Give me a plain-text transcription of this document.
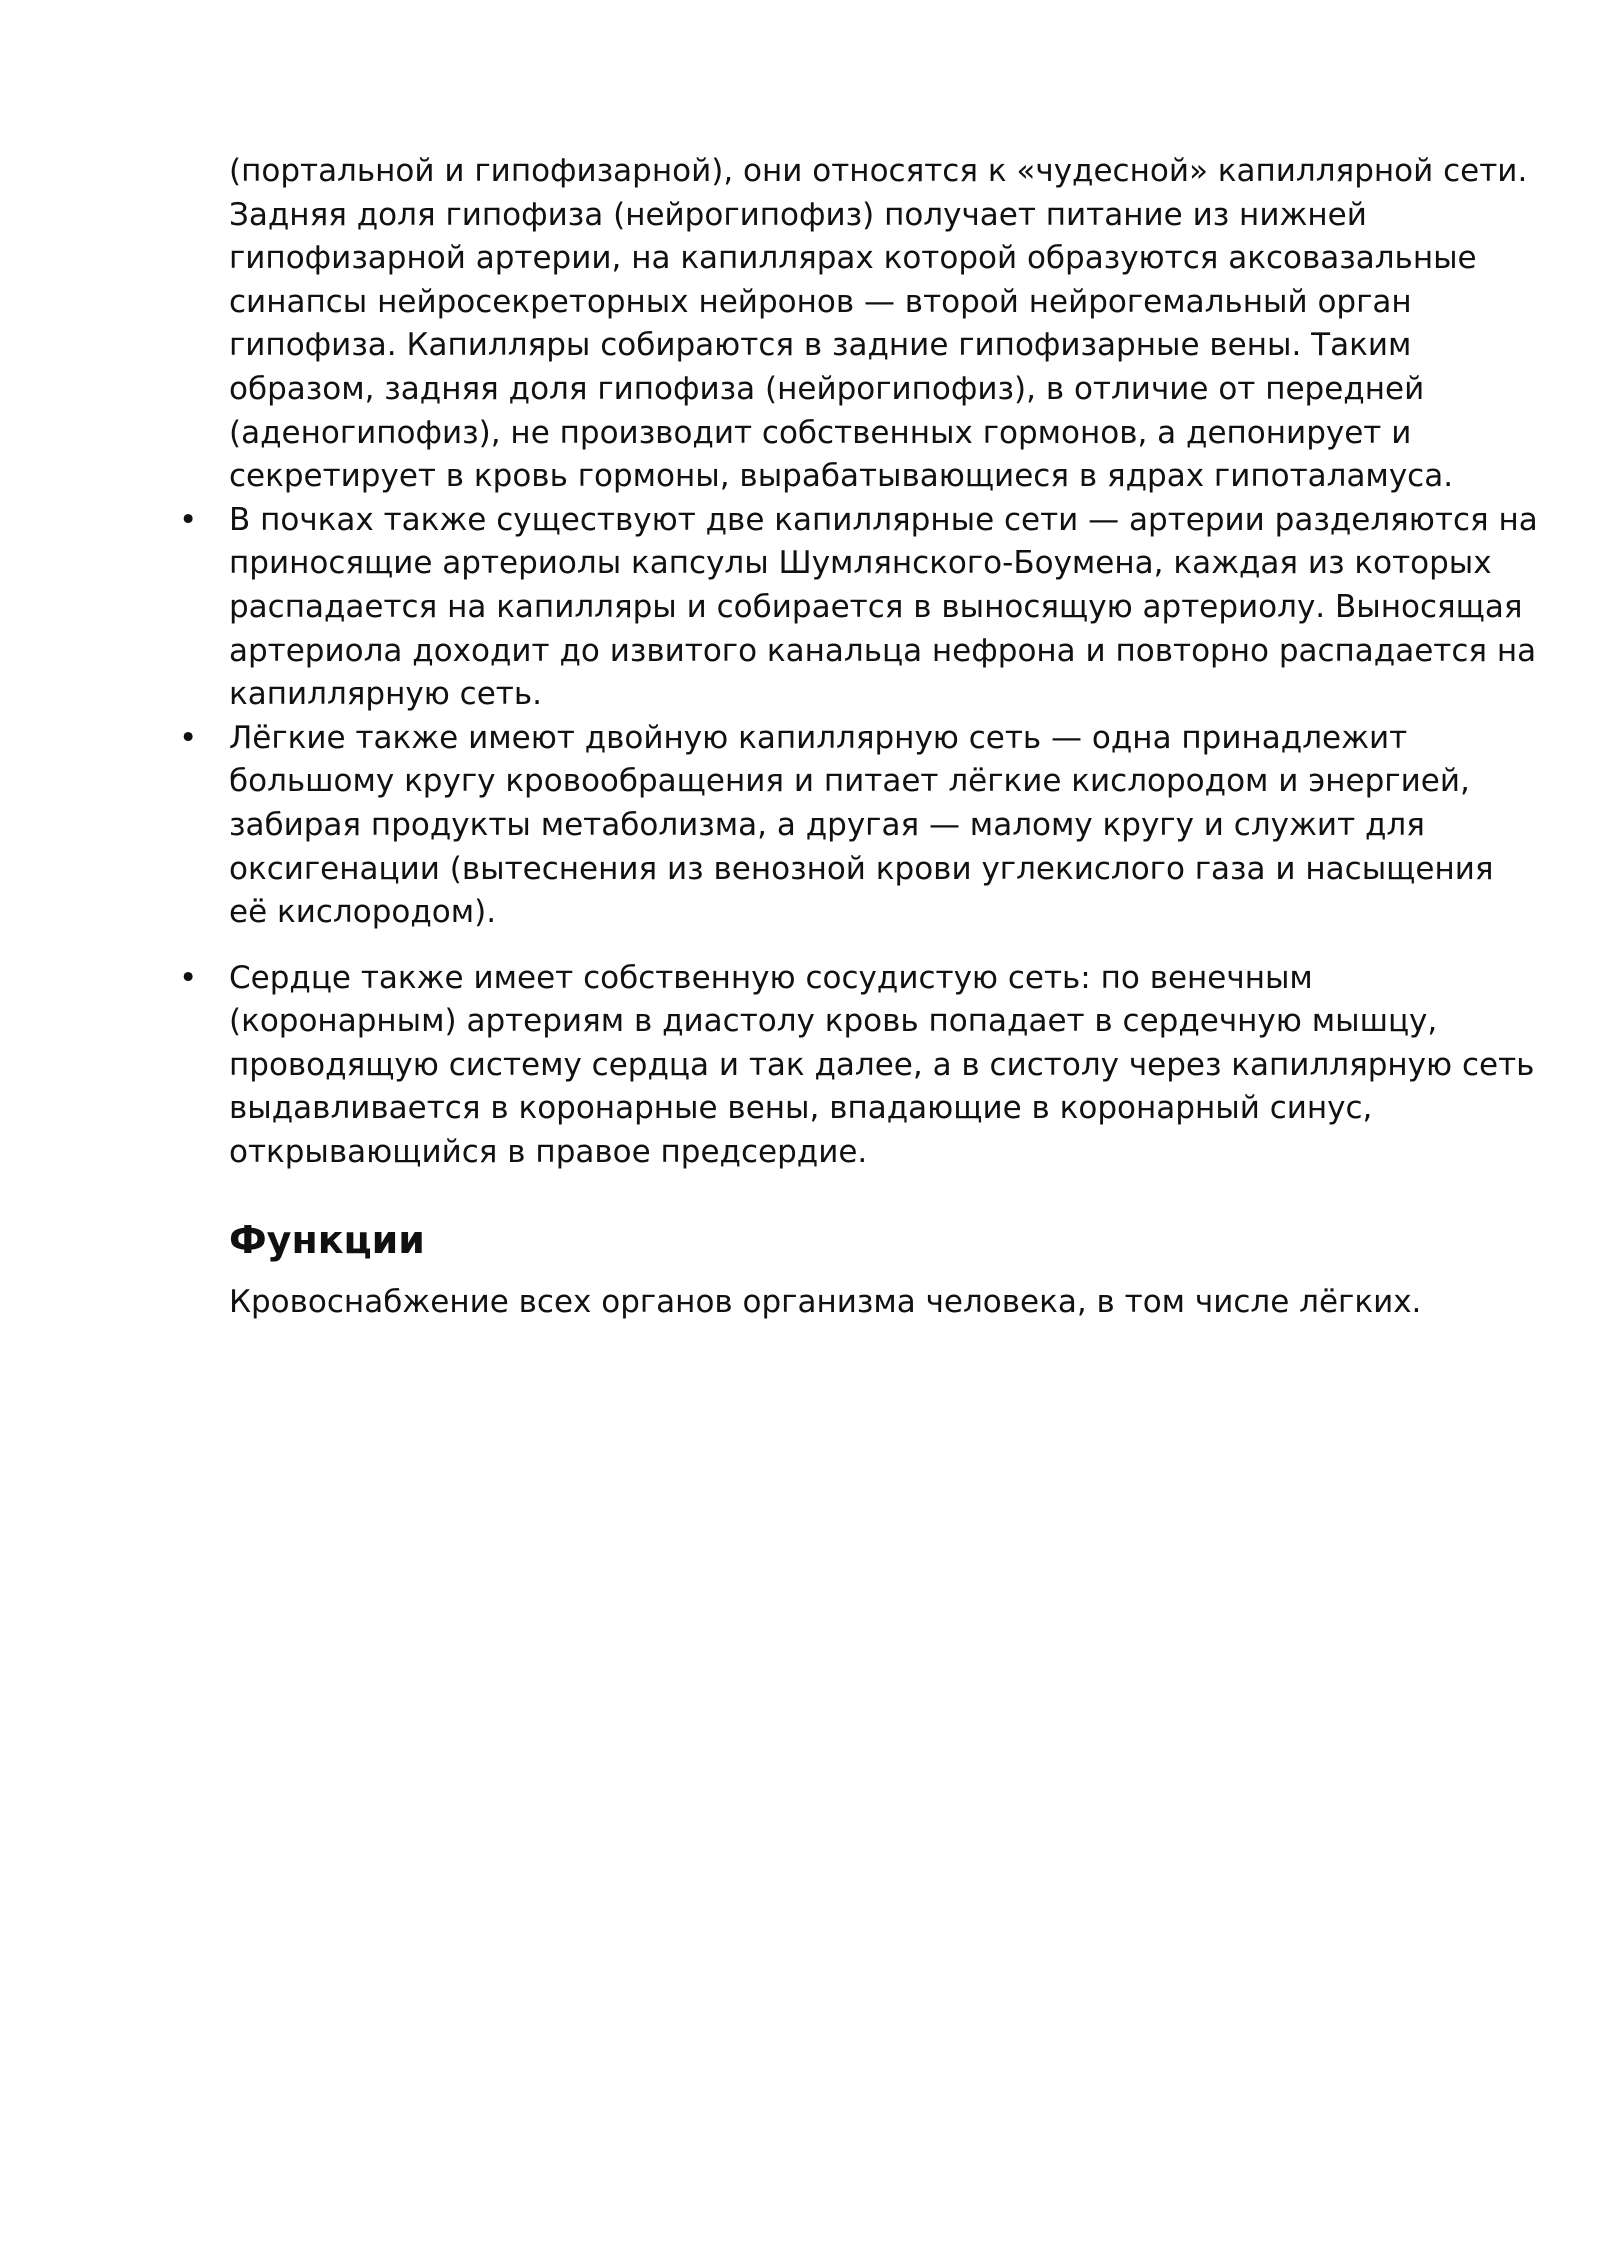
(портальной и гипофизарной), они относятся к «чудесной» капиллярной сети.
Задняя доля гипофиза (нейрогипофиз) получает питание из нижней
гипофизарной артерии, на капиллярах которой образуются аксовазальные
синапсы нейросекреторных нейронов — второй нейрогемальный орган
гипофиза. Капилляры собираются в задние гипофизарные вены. Таким
образом, задняя доля гипофиза (нейрогипофиз), в отличие от передней
(аденогипофиз), не производит собственных гормонов, а депонирует и
секретирует в кровь гормоны, вырабатывающиеся в ядрах гипоталамуса.

• В почках также существуют две капиллярные сети — артерии разделяются на
приносящие артериолы капсулы Шумлянского-Боумена, каждая из которых
распадается на капилляры и собирается в выносящую артериолу. Выносящая
артериола доходит до извитого канальца нефрона и повторно распадается на
капиллярную сеть.

• Лёгкие также имеют двойную капиллярную сеть — одна принадлежит
большому кругу кровообращения и питает лёгкие кислородом и энергией,
забирая продукты метаболизма, а другая — малому кругу и служит для
оксигенации (вытеснения из венозной крови углекислого газа и насыщения
её кислородом).

• Сердце также имеет собственную сосудистую сеть: по венечным
(коронарным) артериям в диастолу кровь попадает в сердечную мышцу,
проводящую систему сердца и так далее, а в систолу через капиллярную сеть
выдавливается в коронарные вены, впадающие в коронарный синус,
открывающийся в правое предсердие.

Функции

Кровоснабжение всех органов организма человека, в том числе лёгких.
